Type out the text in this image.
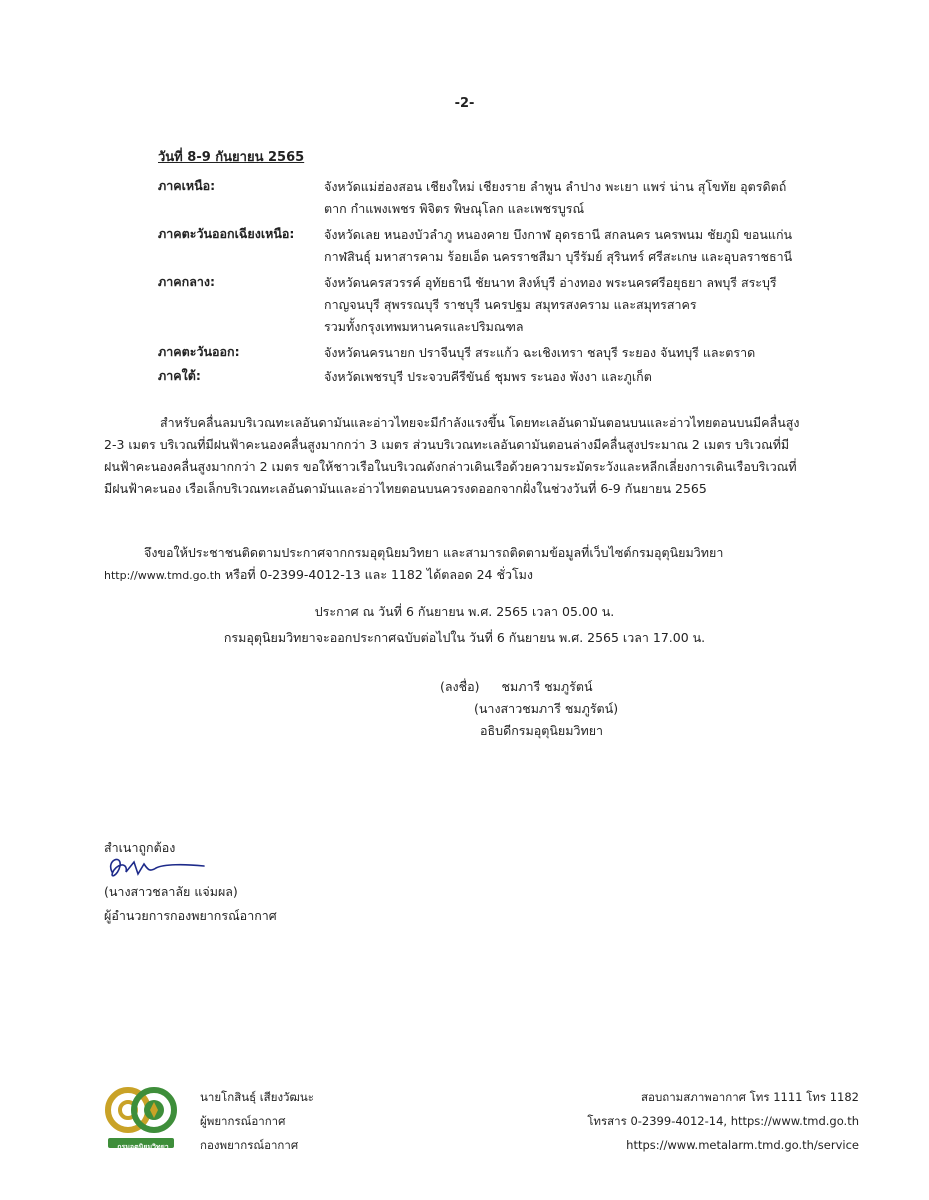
-2-
วันที่ 8-9 กันยายน 2565
ภาคเหนือ:	จังหวัดแม่ฮ่องสอน เชียงใหม่ เชียงราย ลำพูน ลำปาง พะเยา แพร่ น่าน สุโขทัย อุตรดิตถ์
ตาก กำแพงเพชร พิจิตร พิษณุโลก และเพชรบูรณ์
ภาคตะวันออกเฉียงเหนือ: จังหวัดเลย หนองบัวลำภู หนองคาย บึงกาฬ อุดรธานี สกลนคร นครพนม ชัยภูมิ ขอนแก่น
กาฬสินธุ์ มหาสารคาม ร้อยเอ็ด นครราชสีมา บุรีรัมย์ สุรินทร์ ศรีสะเกษ และอุบลราชธานี
ภาคกลาง:	จังหวัดนครสวรรค์ อุทัยธานี ชัยนาท สิงห์บุรี อ่างทอง พระนครศรีอยุธยา ลพบุรี สระบุรี
กาญจนบุรี สุพรรณบุรี ราชบุรี นครปฐม สมุทรสงคราม และสมุทรสาคร
รวมทั้งกรุงเทพมหานครและปริมณฑล
ภาคตะวันออก:	จังหวัดนครนายก ปราจีนบุรี สระแก้ว ฉะเชิงเทรา ชลบุรี ระยอง จันทบุรี และตราด
ภาคใต้:	จังหวัดเพชรบุรี ประจวบคีรีขันธ์ ชุมพร ระนอง พังงา และภูเก็ต
สำหรับคลื่นลมบริเวณทะเลอันดามันและอ่าวไทยจะมีกำลังแรงขึ้น โดยทะเลอันดามันตอนบนและอ่าวไทยตอนบนมีคลื่นสูง
2-3 เมตร บริเวณที่มีฝนฟ้าคะนองคลื่นสูงมากกว่า 3 เมตร ส่วนบริเวณทะเลอันดามันตอนล่างมีคลื่นสูงประมาณ 2 เมตร บริเวณที่มี
ฝนฟ้าคะนองคลื่นสูงมากกว่า 2 เมตร ขอให้ชาวเรือในบริเวณดังกล่าวเดินเรือด้วยความระมัดระวังและหลีกเลี่ยงการเดินเรือบริเวณที่
มีฝนฟ้าคะนอง เรือเล็กบริเวณทะเลอันดามันและอ่าวไทยตอนบนควรงดออกจากฝั่งในช่วงวันที่ 6-9 กันยายน 2565
จึงขอให้ประชาชนติดตามประกาศจากกรมอุตุนิยมวิทยา และสามารถติดตามข้อมูลที่เว็บไซต์กรมอุตุนิยมวิทยา
http://www.tmd.go.th หรือที่ 0-2399-4012-13 และ 1182 ได้ตลอด 24 ชั่วโมง
ประกาศ ณ วันที่ 6 กันยายน พ.ศ. 2565 เวลา 05.00 น.
กรมอุตุนิยมวิทยาจะออกประกาศฉบับต่อไปใน วันที่ 6 กันยายน พ.ศ. 2565 เวลา 17.00 น.
(ลงชื่อ) ชมภารี ชมภูรัตน์
(นางสาวชมภารี ชมภูรัตน์)
อธิบดีกรมอุตุนิยมวิทยา
สำเนาถูกต้อง
(นางสาวชลาลัย แจ่มผล)
ผู้อำนวยการกองพยากรณ์อากาศ
กรมอุตุนิยมวิทยา
นายโกสินธุ์ เสียงวัฒนะ
ผู้พยากรณ์อากาศ
กองพยากรณ์อากาศ
สอบถามสภาพอากาศ โทร 1111 โทร 1182
โทรสาร 0-2399-4012-14, https://www.tmd.go.th
https://www.metalarm.tmd.go.th/service
